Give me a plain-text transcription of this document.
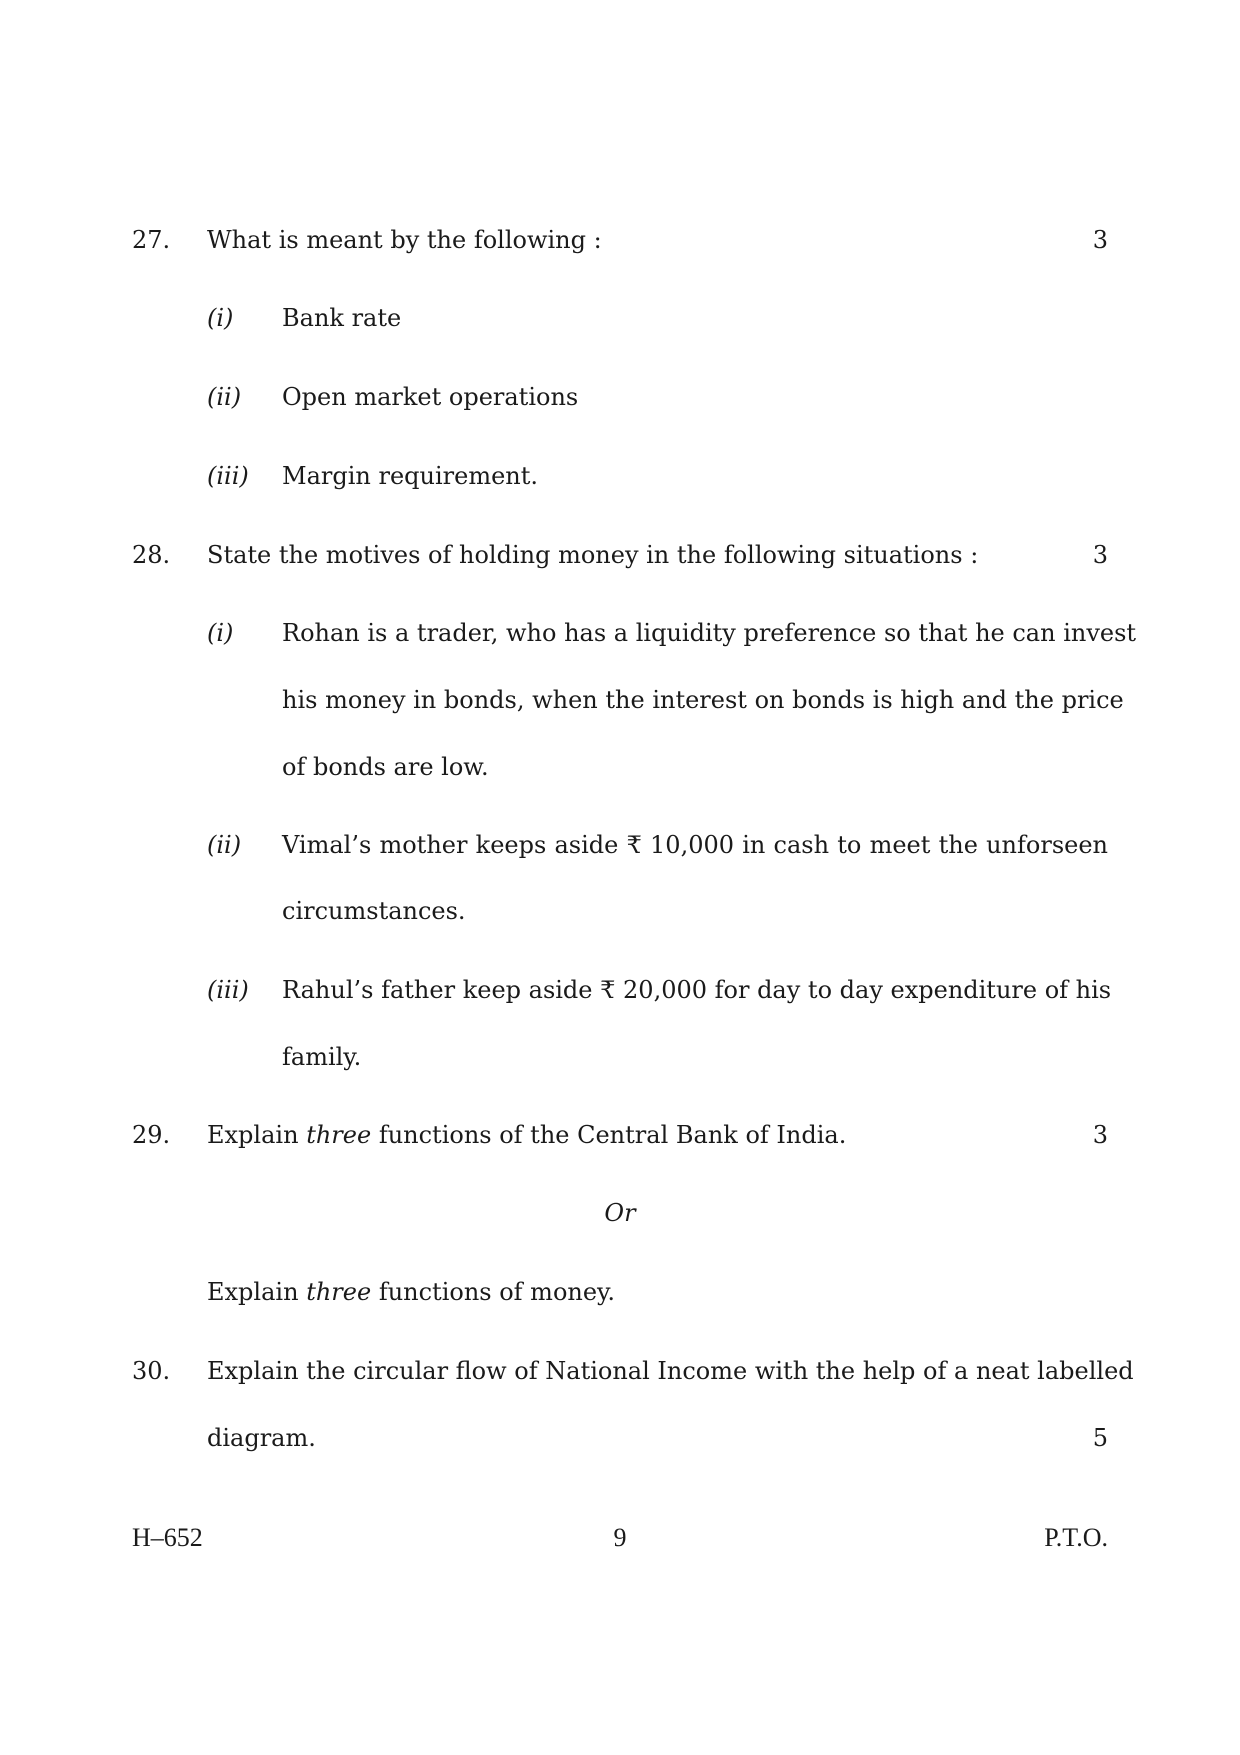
27. What is meant by the following :	3
(i) Bank rate
(ii) Open market operations
(iii) Margin requirement.
28. State the motives of holding money in the following situations :	3
(i) Rohan is a trader, who has a liquidity preference so that he can invest
his money in bonds, when the interest on bonds is high and the price
of bonds are low.
(ii) Vimal’s mother keeps aside ₹ 10,000 in cash to meet the unforseen
circumstances.
(iii) Rahul’s father keep aside ₹ 20,000 for day to day expenditure of his
family.
29. Explain three functions of the Central Bank of India.	3
Or
Explain three functions of money.
30. Explain the circular flow of National Income with the help of a neat labelled
diagram.	5
H–652	9	P.T.O.
